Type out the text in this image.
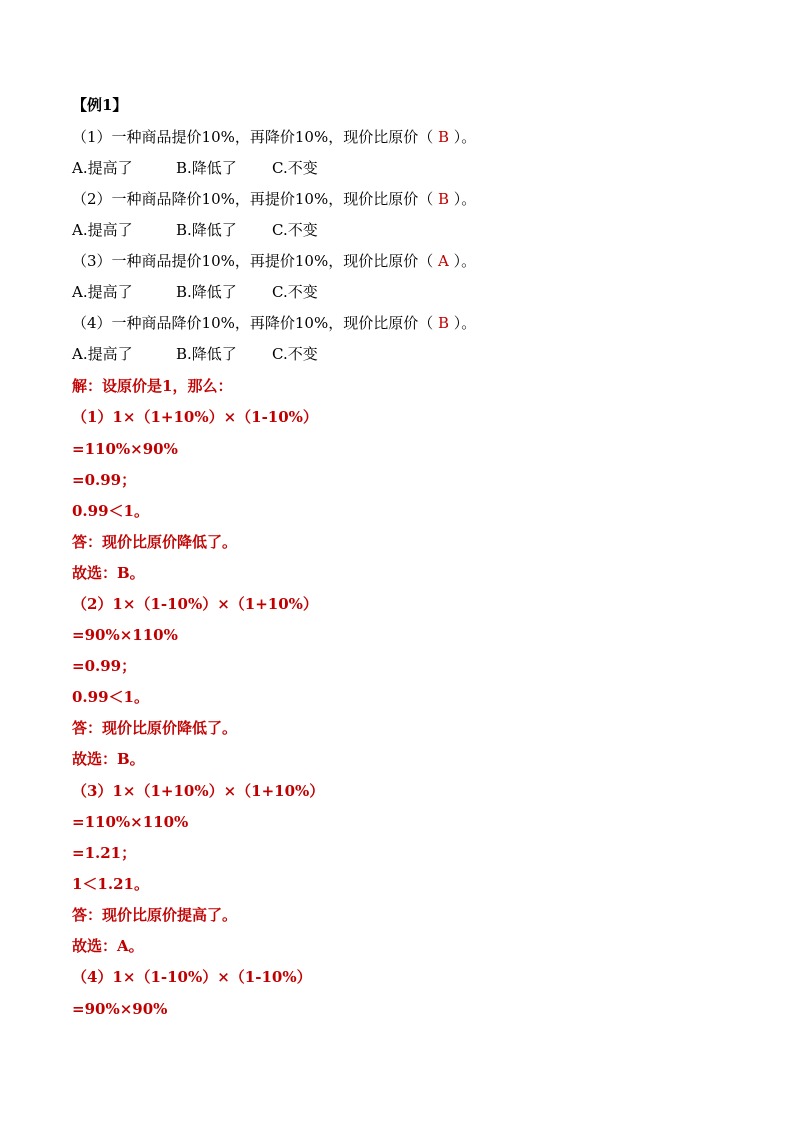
【例1】
（1）一种商品提价10%，再降价10%，现价比原价（ B ）。
A.提高了	B.降低了 C.不变
（2）一种商品降价10%，再提价10%，现价比原价（ B ）。
A.提高了	B.降低了 C.不变
（3）一种商品提价10%，再提价10%，现价比原价（ A ）。
A.提高了	B.降低了 C.不变
（4）一种商品降价10%，再降价10%，现价比原价（ B ）。
A.提高了	B.降低了 C.不变
解：设原价是1，那么：
（1）1×（1+10%）×（1-10%）
=110%×90%
=0.99；
0.99＜1。
答：现价比原价降低了。
故选：B。
（2）1×（1-10%）×（1+10%）
=90%×110%
=0.99；
0.99＜1。
答：现价比原价降低了。
故选：B。
（3）1×（1+10%）×（1+10%）
=110%×110%
=1.21；
1＜1.21。
答：现价比原价提高了。
故选：A。
（4）1×（1-10%）×（1-10%）
=90%×90%
